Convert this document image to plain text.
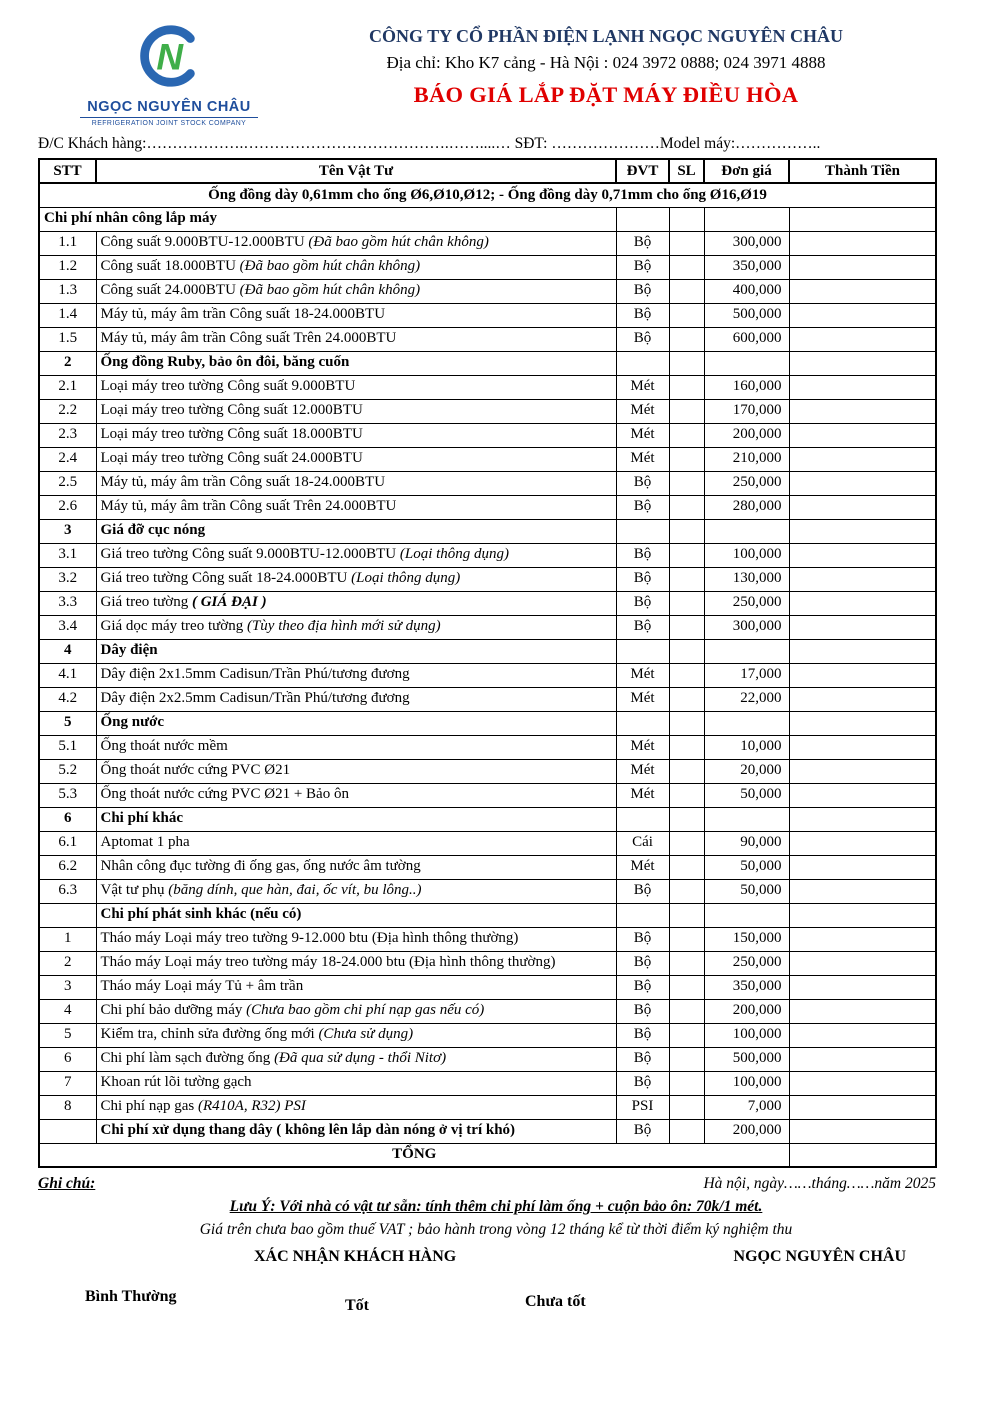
N
NGỌC NGUYÊN CHÂU
REFRIGERATION JOINT STOCK COMPANY
CÔNG TY CỔ PHẦN ĐIỆN LẠNH NGỌC NGUYÊN CHÂU
Địa chỉ: Kho K7 cảng - Hà Nội : 024 3972 0888; 024 3971 4888
BÁO GIÁ LẮP ĐẶT MÁY ĐIỀU HÒA
Đ/C Khách hàng:……………….………………………………….……....… SĐT: …………………Model máy:……………..
STT	Tên Vật Tư	ĐVT	SL	Đơn giá	Thành Tiền
Ống đồng dày 0,61mm cho ống Ø6,Ø10,Ø12; - Ống đồng dày 0,71mm cho ống Ø16,Ø19					
Chi phí nhân công lắp máy					
1.1	Công suất 9.000BTU-12.000BTU (Đã bao gồm hút chân không)	Bộ		300,000	
1.2	Công suất 18.000BTU (Đã bao gồm hút chân không)	Bộ		350,000	
1.3	Công suất 24.000BTU (Đã bao gồm hút chân không)	Bộ		400,000	
1.4	Máy tủ, máy âm trần Công suất 18-24.000BTU	Bộ		500,000	
1.5	Máy tủ, máy âm trần Công suất Trên 24.000BTU	Bộ		600,000	
2	Ống đồng Ruby, bảo ôn đôi, băng cuốn				
2.1	Loại máy treo tường Công suất 9.000BTU	Mét		160,000	
2.2	Loại máy treo tường Công suất 12.000BTU	Mét		170,000	
2.3	Loại máy treo tường Công suất 18.000BTU	Mét		200,000	
2.4	Loại máy treo tường Công suất 24.000BTU	Mét		210,000	
2.5	Máy tủ, máy âm trần Công suất 18-24.000BTU	Bộ		250,000	
2.6	Máy tủ, máy âm trần Công suất Trên 24.000BTU	Bộ		280,000	
3	Giá đỡ cục nóng				
3.1	Giá treo tường Công suất 9.000BTU-12.000BTU (Loại thông dụng)	Bộ		100,000	
3.2	Giá treo tường Công suất 18-24.000BTU (Loại thông dụng)	Bộ		130,000	
3.3	Giá treo tường ( GIÁ ĐẠI )	Bộ		250,000	
3.4	Giá dọc máy treo tường (Tùy theo địa hình mới sử dụng)	Bộ		300,000	
4	Dây điện				
4.1	Dây điện 2x1.5mm Cadisun/Trần Phú/tương đương	Mét		17,000	
4.2	Dây điện 2x2.5mm Cadisun/Trần Phú/tương đương	Mét		22,000	
5	Ống nước				
5.1	Ống thoát nước mềm	Mét		10,000	
5.2	Ống thoát nước cứng PVC Ø21	Mét		20,000	
5.3	Ống thoát nước cứng PVC Ø21 + Bảo ôn	Mét		50,000	
6	Chi phí khác				
6.1	Aptomat 1 pha	Cái		90,000	
6.2	Nhân công đục tường đi ống gas, ống nước âm tường	Mét		50,000	
6.3	Vật tư phụ (băng dính, que hàn, đai, ốc vít, bu lông..)	Bộ		50,000	
	Chi phí phát sinh khác (nếu có)				
1	Tháo máy Loại máy treo tường 9-12.000 btu (Địa hình thông thường)	Bộ		150,000	
2	Tháo máy Loại máy treo tường máy 18-24.000 btu (Địa hình thông thường)	Bộ		250,000	
3	Tháo máy Loại máy Tủ + âm trần	Bộ		350,000	
4	Chi phí bảo dưỡng máy (Chưa bao gồm chi phí nạp gas nếu có)	Bộ		200,000	
5	Kiểm tra, chỉnh sửa đường ống mới (Chưa sử dụng)	Bộ		100,000	
6	Chi phí làm sạch đường ống (Đã qua sử dụng - thổi Nitơ)	Bộ		500,000	
7	Khoan rút lõi tường gạch	Bộ		100,000	
8	Chi phí nạp gas (R410A, R32) PSI	PSI		7,000	
	Chi phí xử dụng thang dây ( không lên lắp dàn nóng ở vị trí khó)	Bộ		200,000	
TỔNG					
Ghi chú:	Hà nội, ngày……tháng……năm 2025
Lưu Ý: Với nhà có vật tư sẵn: tính thêm chi phí làm ống + cuộn bảo ôn: 70k/1 mét.
Giá trên chưa bao gồm thuế VAT ; bảo hành trong vòng 12 tháng kể từ thời điểm ký nghiệm thu
XÁC NHẬN KHÁCH HÀNG	NGỌC NGUYÊN CHÂU
Bình Thường
Tốt	Chưa tốt
